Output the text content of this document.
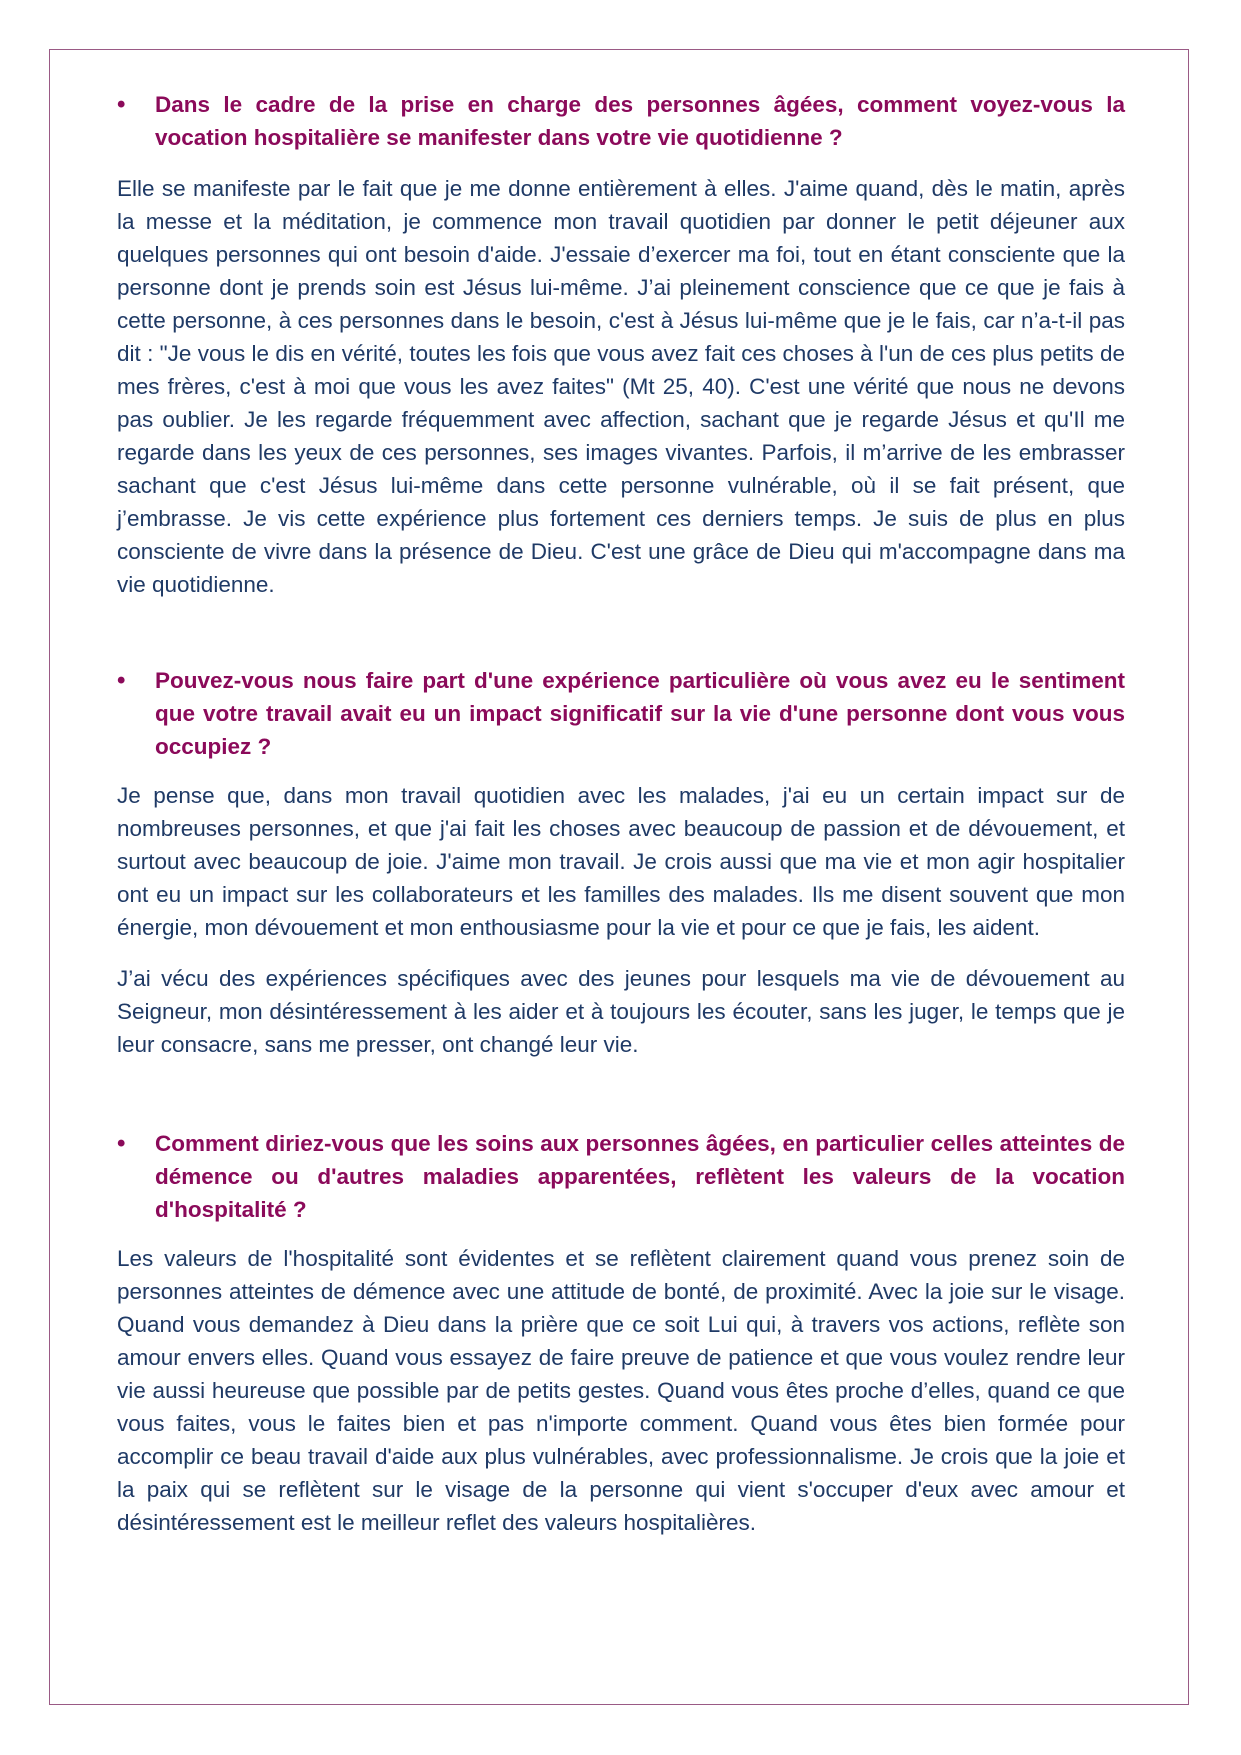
•	Dans le cadre de la prise en charge des personnes âgées, comment voyez-vous la vocation hospitalière se manifester dans votre vie quotidienne ?

Elle se manifeste par le fait que je me donne entièrement à elles. J'aime quand, dès le matin, après la messe et la méditation, je commence mon travail quotidien par donner le petit déjeuner aux quelques personnes qui ont besoin d'aide. J'essaie d’exercer ma foi, tout en étant consciente que la personne dont je prends soin est Jésus lui-même. J’ai pleinement conscience que ce que je fais à cette personne, à ces personnes dans le besoin, c'est à Jésus lui-même que je le fais, car n’a-t-il pas dit : "Je vous le dis en vérité, toutes les fois que vous avez fait ces choses à l'un de ces plus petits de mes frères, c'est à moi que vous les avez faites" (Mt 25, 40). C'est une vérité que nous ne devons pas oublier. Je les regarde fréquemment avec affection, sachant que je regarde Jésus et qu'Il me regarde dans les yeux de ces personnes, ses images vivantes. Parfois, il m’arrive de les embrasser sachant que c'est Jésus lui-même dans cette personne vulnérable, où il se fait présent, que j’embrasse. Je vis cette expérience plus fortement ces derniers temps. Je suis de plus en plus consciente de vivre dans la présence de Dieu. C'est une grâce de Dieu qui m'accompagne dans ma vie quotidienne.

•	Pouvez-vous nous faire part d'une expérience particulière où vous avez eu le sentiment que votre travail avait eu un impact significatif sur la vie d'une personne dont vous vous occupiez ?

Je pense que, dans mon travail quotidien avec les malades, j'ai eu un certain impact sur de nombreuses personnes, et que j'ai fait les choses avec beaucoup de passion et de dévouement, et surtout avec beaucoup de joie. J'aime mon travail. Je crois aussi que ma vie et mon agir hospitalier ont eu un impact sur les collaborateurs et les familles des malades. Ils me disent souvent que mon énergie, mon dévouement et mon enthousiasme pour la vie et pour ce que je fais, les aident.

J’ai vécu des expériences spécifiques avec des jeunes pour lesquels ma vie de dévouement au Seigneur, mon désintéressement à les aider et à toujours les écouter, sans les juger, le temps que je leur consacre, sans me presser, ont changé leur vie.

•	Comment diriez-vous que les soins aux personnes âgées, en particulier celles atteintes de démence ou d'autres maladies apparentées, reflètent les valeurs de la vocation d'hospitalité ?

Les valeurs de l'hospitalité sont évidentes et se reflètent clairement quand vous prenez soin de personnes atteintes de démence avec une attitude de bonté, de proximité. Avec la joie sur le visage. Quand vous demandez à Dieu dans la prière que ce soit Lui qui, à travers vos actions, reflète son amour envers elles. Quand vous essayez de faire preuve de patience et que vous voulez rendre leur vie aussi heureuse que possible par de petits gestes. Quand vous êtes proche d’elles, quand ce que vous faites, vous le faites bien et pas n'importe comment. Quand vous êtes bien formée pour accomplir ce beau travail d'aide aux plus vulnérables, avec professionnalisme. Je crois que la joie et la paix qui se reflètent sur le visage de la personne qui vient s'occuper d'eux avec amour et désintéressement est le meilleur reflet des valeurs hospitalières.
